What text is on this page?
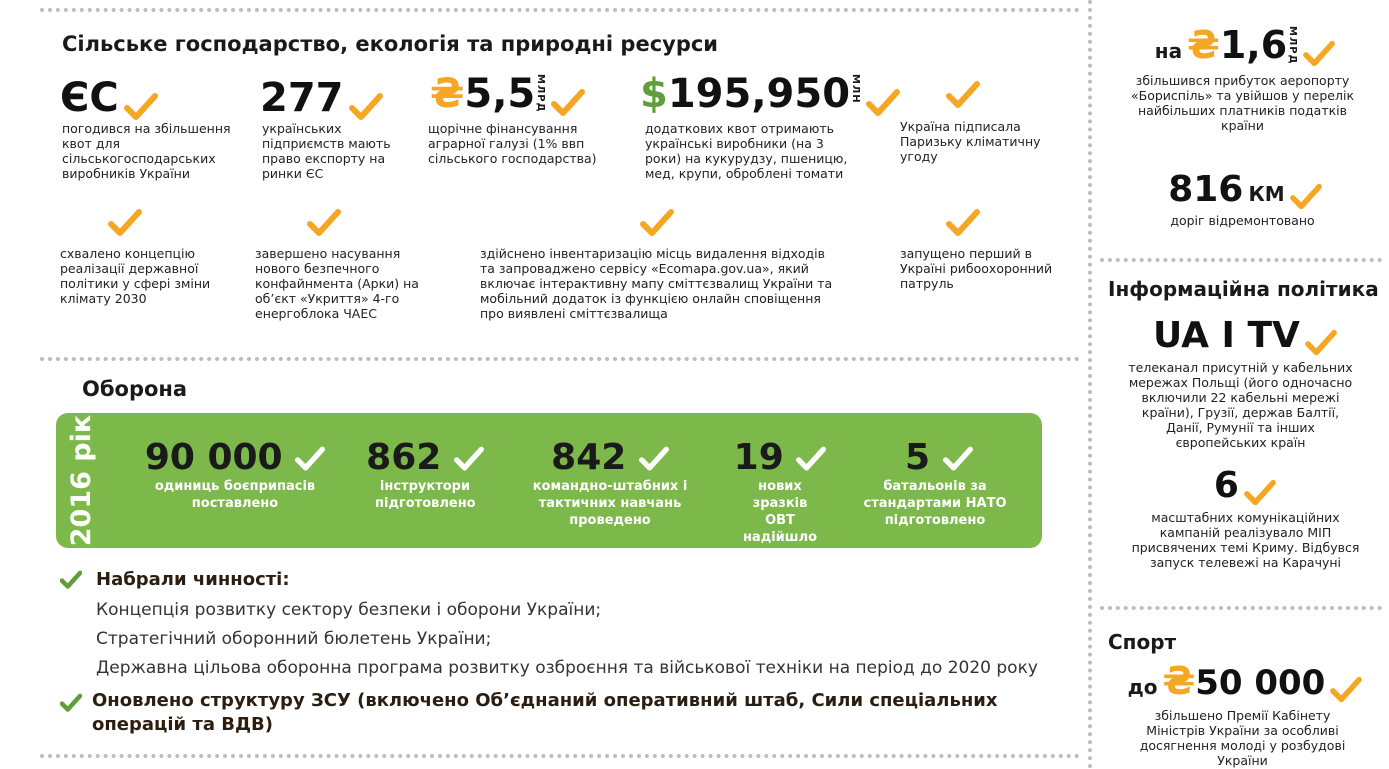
Сільське господарство, екологія та природні ресурси
ЄС
погодився на збільшення квот для сільськогосподарських виробників України
277
українських підприємств мають право експорту на ринки ЄС
₴5,5МЛРД
щорічне фінансування аграрної галузі (1% ввп сільського господарства)
$195,950МЛН
додаткових квот отримають українські виробники (на 3 роки) на кукурудзу, пшеницю, мед, крупи, оброблені томати
Україна підписала Паризьку кліматичну угоду
схвалено концепцію реалізації державної політики у сфері зміни клімату 2030
завершено насування нового безпечного конфайнмента (Арки) на об’єкт «Укриття» 4-го енергоблока ЧАЕС
здійснено інвентаризацію місць видалення відходів та запроваджено сервісу «Ecomapa.gov.ua», який включає інтерактивну мапу сміттєзвалищ України та мобільний додаток із функцією онлайн сповіщення про виявлені сміттєзвалища
запущено перший в Україні рибоохоронний патруль
Оборона
2016 рік 90 000
одиниць боєприпасів поставлено
862
інструктори підготовлено
842
командно-штабних і тактичних навчань проведено
19
нових зразків ОВТ надійшло
5
батальонів за стандартами НАТО підготовлено
Набрали чинності:
Концепція розвитку сектору безпеки і оборони України;
Стратегічний оборонний бюлетень України;
Державна цільова оборонна програма розвитку озброєння та військової техніки на період до 2020 року
Оновлено структуру ЗСУ (включено Об’єднаний оперативний штаб, Сили спеціальних операцій та ВДВ)
на ₴1,6МЛРД
збільшився прибуток аеропорту «Бориспіль» та увійшов у перелік найбільших платників податків країни
816 КМ
доріг відремонтовано
Інформаційна політика
UA I TV
телеканал присутній у кабельних мережах Польщі (його одночасно включили 22 кабельні мережі країни), Грузії, держав Балтії, Данії, Румунії та інших європейських країн
6
масштабних комунікаційних кампаній реалізувало МІП присвячених темі Криму. Відбувся запуск телевежі на Карачуні
Спорт
до ₴50 000
збільшено Премії Кабінету Міністрів України за особливі досягнення молоді у розбудові України
